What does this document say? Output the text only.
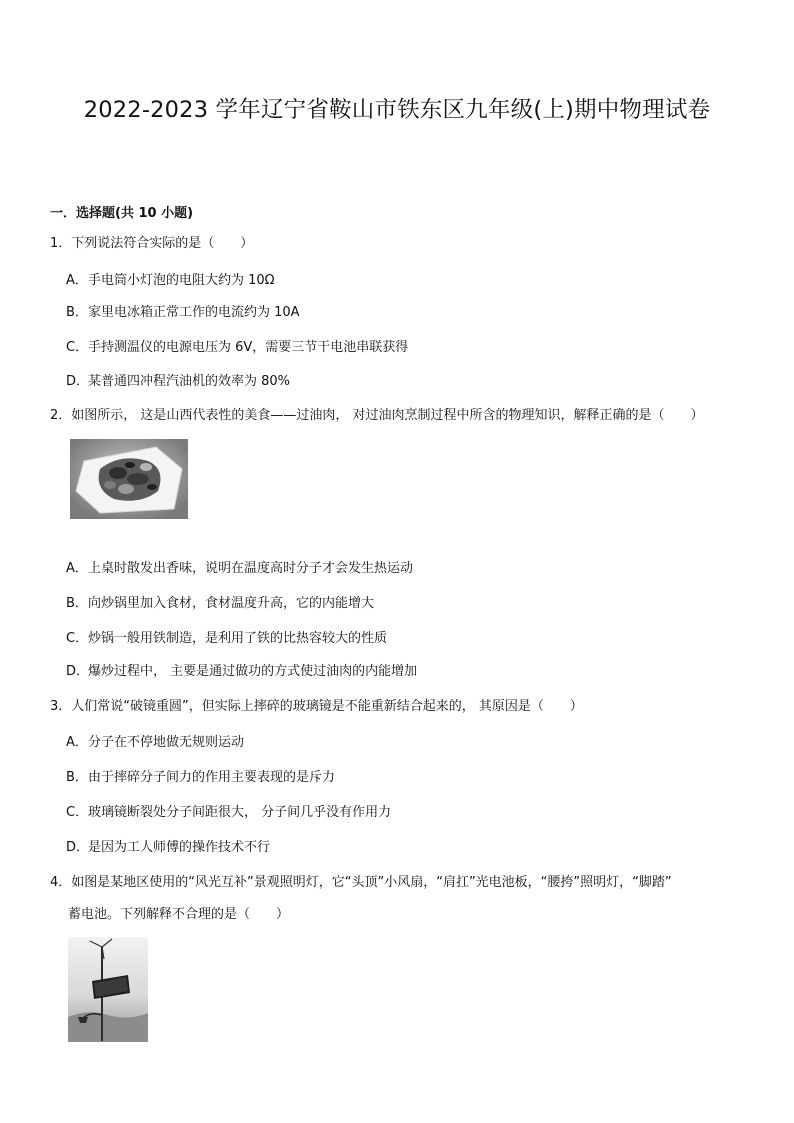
2022-2023 学年辽宁省鞍山市铁东区九年级(上)期中物理试卷
一．选择题(共 10 小题)
1．下列说法符合实际的是（　　）
A．手电筒小灯泡的电阻大约为 10Ω
B．家里电冰箱正常工作的电流约为 10A
C．手持测温仪的电源电压为 6V，需要三节干电池串联获得
D．某普通四冲程汽油机的效率为 80%
2．如图所示， 这是山西代表性的美食——过油肉， 对过油肉烹制过程中所含的物理知识，解释正确的是（　　）
A．上桌时散发出香味，说明在温度高时分子才会发生热运动
B．向炒锅里加入食材，食材温度升高，它的内能增大
C．炒锅一般用铁制造，是利用了铁的比热容较大的性质
D．爆炒过程中， 主要是通过做功的方式使过油肉的内能增加
3．人们常说“破镜重圆”，但实际上摔碎的玻璃镜是不能重新结合起来的， 其原因是（　　）
A．分子在不停地做无规则运动
B．由于摔碎分子间力的作用主要表现的是斥力
C．玻璃镜断裂处分子间距很大， 分子间几乎没有作用力
D．是因为工人师傅的操作技术不行
4．如图是某地区使用的“风光互补”景观照明灯，它“头顶”小风扇，“肩扛”光电池板，“腰挎”照明灯，“脚踏”
蓄电池。下列解释不合理的是（　　）
